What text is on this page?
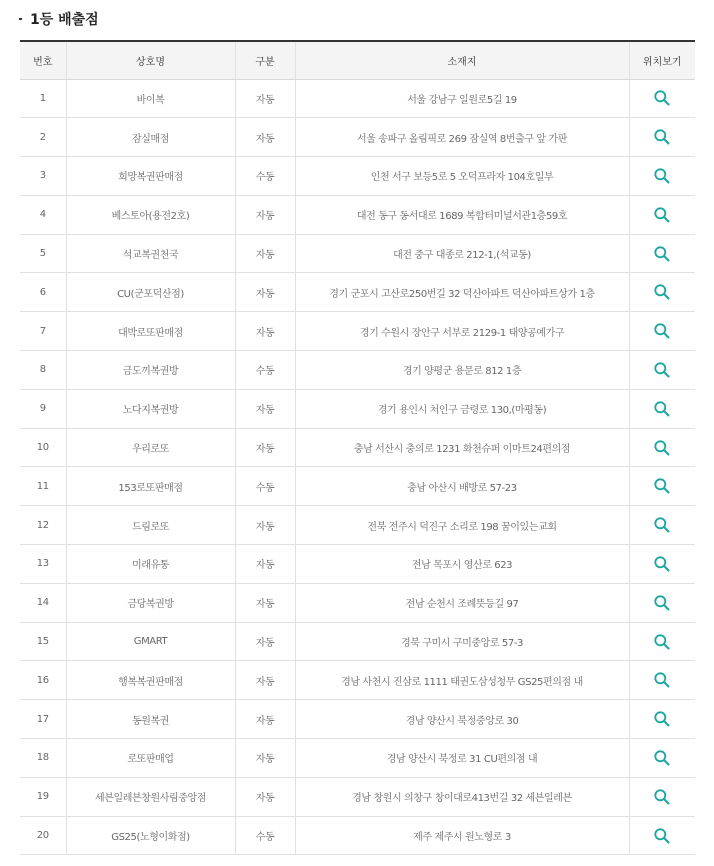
1등 배출점
번호	상호명	구분	소재지	위치보기
1	바이복	자동	서울 강남구 일원로5길 19	
2	잠실매점	자동	서울 송파구 올림픽로 269 잠실역 8번출구 앞 가판	
3	희망복권판매점	수동	인천 서구 보등5로 5 오덕프라자 104호일부	
4	베스토아(용전2호)	자동	대전 동구 동서대로 1689 복합터미널서관1층59호	
5	석교복권천국	자동	대전 중구 대종로 212-1,(석교동)	
6	CU(군포덕산점)	자동	경기 군포시 고산로250번길 32 덕산아파트 덕산아파트상가 1층	
7	대박로또판매점	자동	경기 수원시 장안구 서부로 2129-1 태양공예가구	
8	금도끼복권방	수동	경기 양평군 용문로 812 1층	
9	노다지복권방	자동	경기 용인시 처인구 금령로 130,(마평동)	
10	우리로또	자동	충남 서산시 충의로 1231 화천슈퍼 이마트24편의점	
11	153로또판매점	수동	충남 아산시 배방로 57-23	
12	드림로또	자동	전북 전주시 덕진구 소리로 198 꿈이있는교회	
13	미래유통	자동	전남 목포시 영산로 623	
14	금당복권방	자동	전남 순천시 조례뜻등길 97	
15	GMART	자동	경북 구미시 구미중앙로 57-3	
16	행복복권판매점	자동	경남 사천시 진삼로 1111 태권도삼성청무 GS25편의점 내	
17	동원복권	자동	경남 양산시 북정중앙로 30	
18	로또판매업	자동	경남 양산시 북정로 31 CU편의점 내	
19	세븐일레븐창원사림중앙점	자동	경남 창원시 의창구 창이대로413번길 32 세븐일레븐	
20	GS25(노형이화점)	수동	제주 제주시 원노형로 3	
